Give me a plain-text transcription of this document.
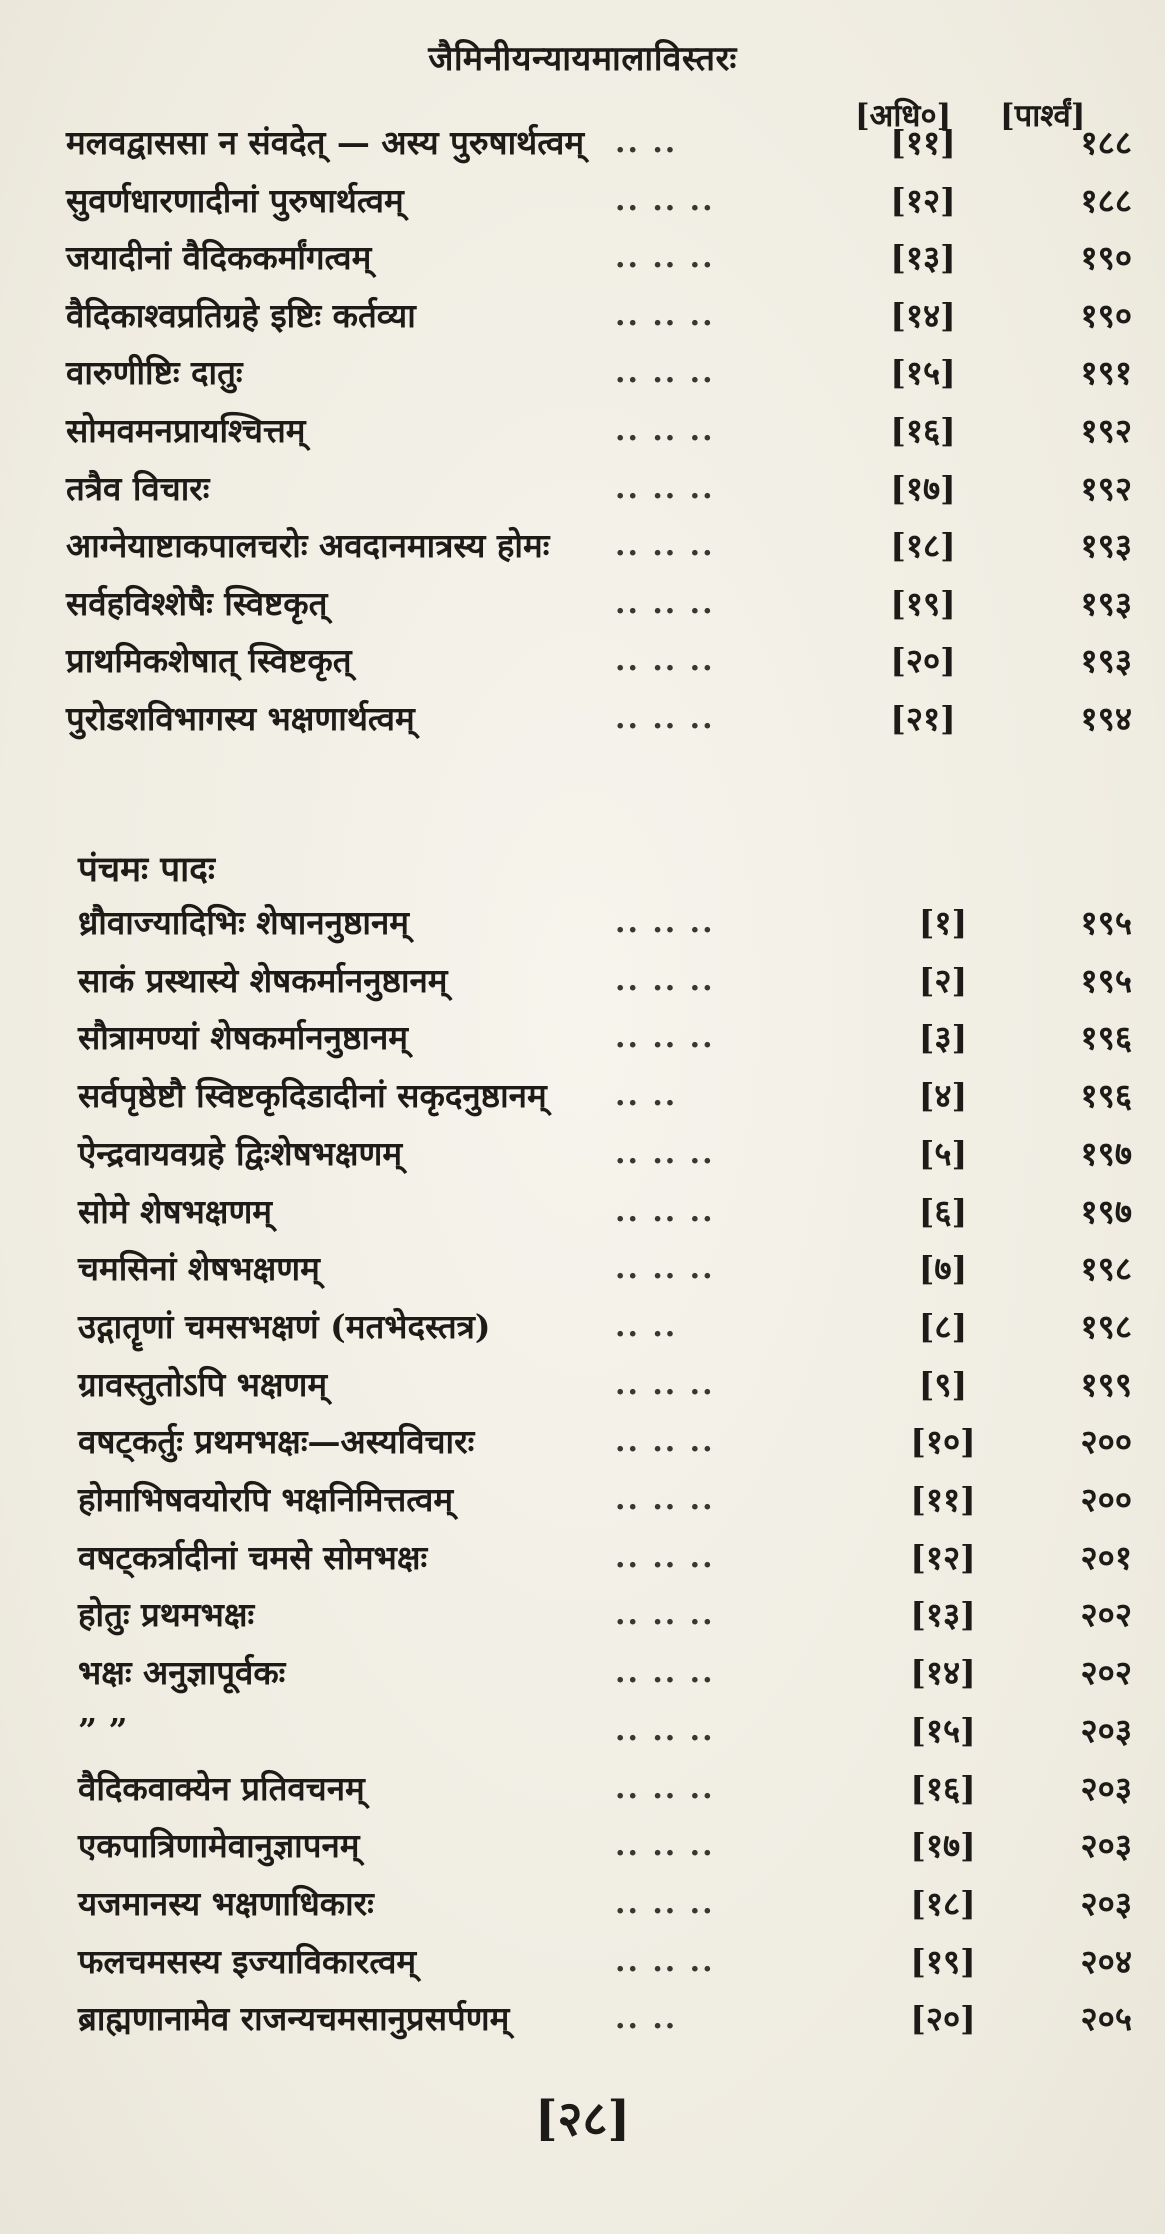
जैमिनीयन्यायमालाविस्तरः
[अधि०] [पार्श्वं]
मलवद्वाससा न संवदेत् — अस्य पुरुषार्थत्वम् .. ..	[११]	१८८
सुवर्णधारणादीनां पुरुषार्थत्वम्	.. .. ..	[१२]	१८८
जयादीनां वैदिककर्मांगत्वम्	.. .. ..	[१३]	१९०
वैदिकाश्वप्रतिग्रहे इष्टिः कर्तव्या	.. .. ..	[१४]	१९०
वारुणीष्टिः दातुः	.. .. ..	[१५]	१९१
सोमवमनप्रायश्चित्तम्	.. .. ..	[१६]	१९२
तत्रैव विचारः	.. .. ..	[१७]	१९२
आग्नेयाष्टाकपालचरोः अवदानमात्रस्य होमः .. .. ..	[१८]	१९३
सर्वहविश्शेषैः स्विष्टकृत्	.. .. ..	[१९]	१९३
प्राथमिकशेषात् स्विष्टकृत्	.. .. ..	[२०]	१९३
पुरोडशविभागस्य भक्षणार्थत्वम्	.. .. ..	[२१]	१९४
पंचमः पादः
ध्रौवाज्यादिभिः शेषाननुष्ठानम्	.. .. ..	[१]	१९५
साकं प्रस्थास्ये शेषकर्माननुष्ठानम्	.. .. ..	[२]	१९५
सौत्रामण्यां शेषकर्माननुष्ठानम्	.. .. ..	[३]	१९६
सर्वपृष्ठेष्टौ स्विष्टकृदिडादीनां सकृदनुष्ठानम् .. ..	[४]	१९६
ऐन्द्रवायवग्रहे द्विःशेषभक्षणम्	.. .. ..	[५]	१९७
सोमे शेषभक्षणम्	.. .. ..	[६]	१९७
चमसिनां शेषभक्षणम्	.. .. ..	[७]	१९८
उद्गातॄणां चमसभक्षणं (मतभेदस्तत्र)	.. ..	[८]	१९८
ग्रावस्तुतोऽपि भक्षणम्	.. .. ..	[९]	१९९
वषट्कर्तुः प्रथमभक्षः—अस्यविचारः	.. .. ..	[१०]	२००
होमाभिषवयोरपि भक्षनिमित्तत्वम्	.. .. ..	[११]	२००
वषट्कर्त्रादीनां चमसे सोमभक्षः	.. .. ..	[१२]	२०१
होतुः प्रथमभक्षः	.. .. ..	[१३]	२०२
भक्षः अनुज्ञापूर्वकः	.. .. ..	[१४]	२०२
” ”	.. .. ..	[१५]	२०३
वैदिकवाक्येन प्रतिवचनम्	.. .. ..	[१६]	२०३
एकपात्रिणामेवानुज्ञापनम्	.. .. ..	[१७]	२०३
यजमानस्य भक्षणाधिकारः	.. .. ..	[१८]	२०३
फलचमसस्य इज्याविकारत्वम्	.. .. ..	[१९]	२०४
ब्राह्मणानामेव राजन्यचमसानुप्रसर्पणम्	.. ..	[२०]	२०५
[२८]
